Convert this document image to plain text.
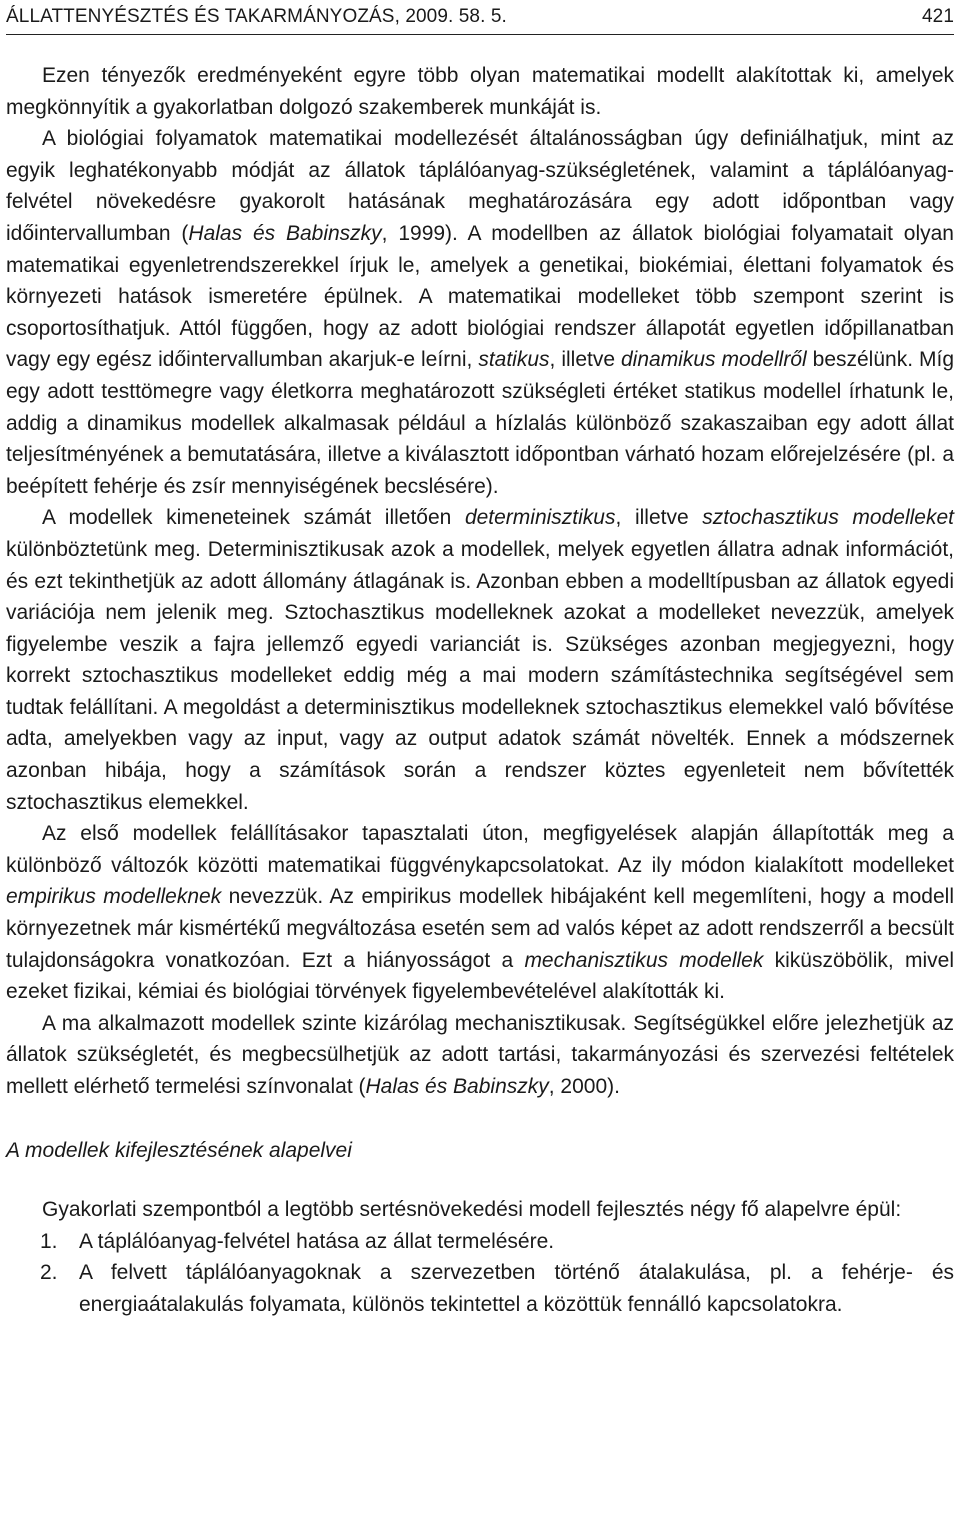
ÁLLATTENYÉSZTÉS ÉS TAKARMÁNYOZÁS, 2009. 58. 5.	421

Ezen tényezők eredményeként egyre több olyan matematikai modellt alakítottak ki, amelyek megkönnyítik a gyakorlatban dolgozó szakemberek munkáját is.

A biológiai folyamatok matematikai modellezését általánosságban úgy definiálhatjuk, mint az egyik leghatékonyabb módját az állatok táplálóanyag-szükségletének, valamint a táplálóanyag-felvétel növekedésre gyakorolt hatásának meghatározására egy adott időpontban vagy időintervallumban (Halas és Babinszky, 1999). A modellben az állatok biológiai folyamatait olyan matematikai egyenletrendszerekkel írjuk le, amelyek a genetikai, biokémiai, élettani folyamatok és környezeti hatások ismeretére épülnek. A matematikai modelleket több szempont szerint is csoportosíthatjuk. Attól függően, hogy az adott biológiai rendszer állapotát egyetlen időpillanatban vagy egy egész időintervallumban akarjuk-e leírni, statikus, illetve dinamikus modellről beszélünk. Míg egy adott testtömegre vagy életkorra meghatározott szükségleti értéket statikus modellel írhatunk le, addig a dinamikus modellek alkalmasak például a hízlalás különböző szakaszaiban egy adott állat teljesítményének a bemutatására, illetve a kiválasztott időpontban várható hozam előrejelzésére (pl. a beépített fehérje és zsír mennyiségének becslésére).

A modellek kimeneteinek számát illetően determinisztikus, illetve sztochasztikus modelleket különböztetünk meg. Determinisztikusak azok a modellek, melyek egyetlen állatra adnak információt, és ezt tekinthetjük az adott állomány átlagának is. Azonban ebben a modelltípusban az állatok egyedi variációja nem jelenik meg. Sztochasztikus modelleknek azokat a modelleket nevezzük, amelyek figyelembe veszik a fajra jellemző egyedi varianciát is. Szükséges azonban megjegyezni, hogy korrekt sztochasztikus modelleket eddig még a mai modern számítástechnika segítségével sem tudtak felállítani. A megoldást a determinisztikus modelleknek sztochasztikus elemekkel való bővítése adta, amelyekben vagy az input, vagy az output adatok számát növelték. Ennek a módszernek azonban hibája, hogy a számítások során a rendszer köztes egyenleteit nem bővítették sztochasztikus elemekkel.

Az első modellek felállításakor tapasztalati úton, megfigyelések alapján állapították meg a különböző változók közötti matematikai függvénykapcsolatokat. Az ily módon kialakított modelleket empirikus modelleknek nevezzük. Az empirikus modellek hibájaként kell megemlíteni, hogy a modell környezetnek már kismértékű megváltozása esetén sem ad valós képet az adott rendszerről a becsült tulajdonságokra vonatkozóan. Ezt a hiányosságot a mechanisztikus modellek kiküszöbölik, mivel ezeket fizikai, kémiai és biológiai törvények figyelembevételével alakították ki.

A ma alkalmazott modellek szinte kizárólag mechanisztikusak. Segítségükkel előre jelezhetjük az állatok szükségletét, és megbecsülhetjük az adott tartási, takarmányozási és szervezési feltételek mellett elérhető termelési színvonalat (Halas és Babinszky, 2000).

A modellek kifejlesztésének alapelvei

Gyakorlati szempontból a legtöbb sertésnövekedési modell fejlesztés négy fő alapelvre épül:

1.	A táplálóanyag-felvétel hatása az állat termelésére.
2.	A felvett táplálóanyagoknak a szervezetben történő átalakulása, pl. a fehérje- és energiaátalakulás folyamata, különös tekintettel a közöttük fennálló kapcsolatokra.
